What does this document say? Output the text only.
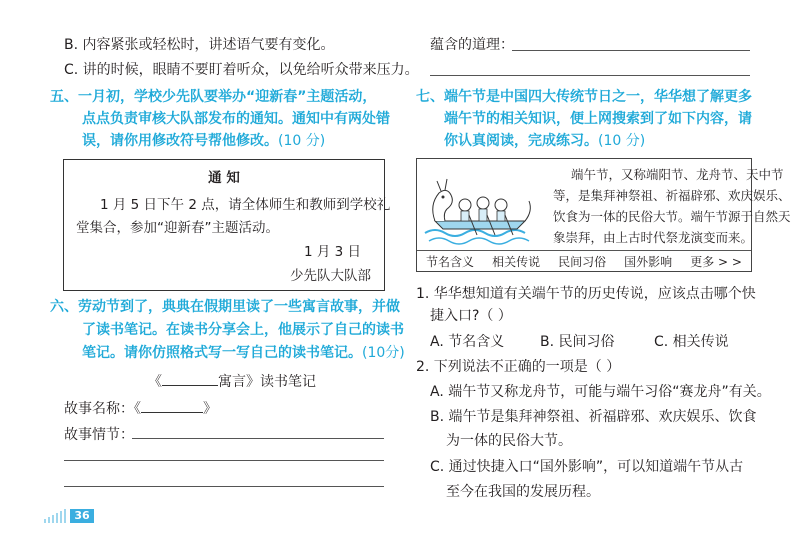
B. 内容紧张或轻松时，讲述语气要有变化。
C. 讲的时候，眼睛不要盯着听众，以免给听众带来压力。
五、一月初，学校少先队要举办“迎新春”主题活动，
点点负责审核大队部发布的通知。通知中有两处错
误，请你用修改符号帮他修改。(10 分)
通 知
1 月 5 日下午 2 点，请全体师生和教师到学校礼
堂集合，参加“迎新春”主题活动。
1 月 3 日
少先队大队部
六、劳动节到了，典典在假期里读了一些寓言故事，并做
了读书笔记。在读书分享会上，他展示了自己的读书
笔记。请你仿照格式写一写自己的读书笔记。(10分)
《	寓言》读书笔记
故事名称：《	》
故事情节：
36
蕴含的道理：
七、端午节是中国四大传统节日之一，华华想了解更多
端午节的相关知识，便上网搜索到了如下内容，请
你认真阅读，完成练习。(10 分)
端午节，又称端阳节、龙舟节、天中节
等，是集拜神祭祖、祈福辟邪、欢庆娱乐、
饮食为一体的民俗大节。端午节源于自然天
象崇拜，由上古时代祭龙演变而来。
节名含义 相关传说 民间习俗 国外影响 更多 > >
1. 华华想知道有关端午节的历史传说，应该点击哪个快
捷入口?（ ）
A. 节名含义	B. 民间习俗	C. 相关传说
2. 下列说法不正确的一项是（ ）
A. 端午节又称龙舟节，可能与端午习俗“赛龙舟”有关。
B. 端午节是集拜神祭祖、祈福辟邪、欢庆娱乐、饮食
为一体的民俗大节。
C. 通过快捷入口“国外影响”，可以知道端午节从古
至今在我国的发展历程。
